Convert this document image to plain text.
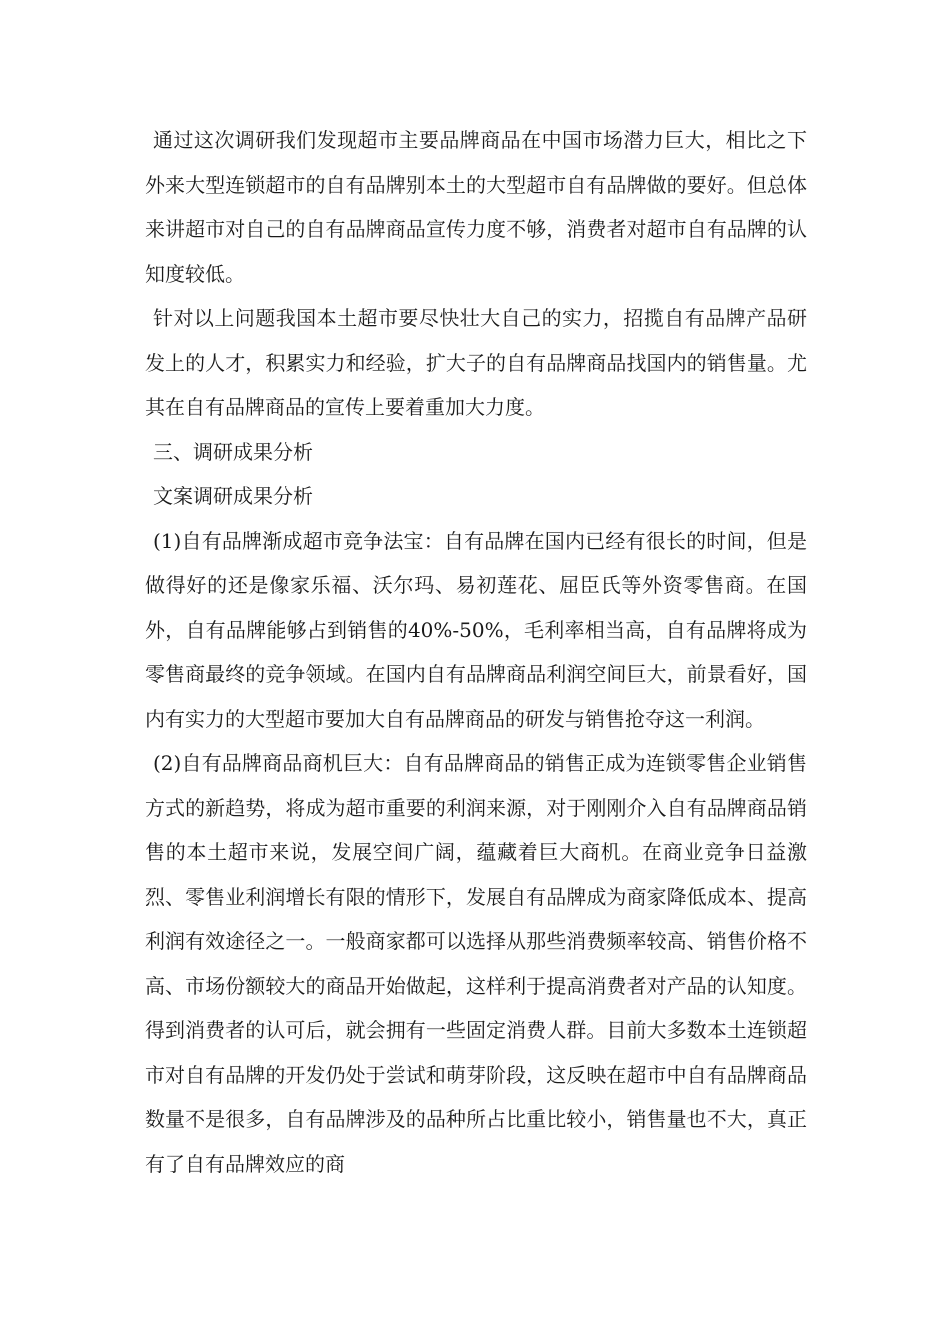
通过这次调研我们发现超市主要品牌商品在中国市场潜力巨大，相比之下外来大型连锁超市的自有品牌别本土的大型超市自有品牌做的要好。但总体来讲超市对自己的自有品牌商品宣传力度不够，消费者对超市自有品牌的认知度较低。

针对以上问题我国本土超市要尽快壮大自己的实力，招揽自有品牌产品研发上的人才，积累实力和经验，扩大子的自有品牌商品找国内的销售量。尤其在自有品牌商品的宣传上要着重加大力度。

三、调研成果分析

文案调研成果分析

(1)自有品牌渐成超市竞争法宝：自有品牌在国内已经有很长的时间，但是做得好的还是像家乐福、沃尔玛、易初莲花、屈臣氏等外资零售商。在国外，自有品牌能够占到销售的40%-50%，毛利率相当高，自有品牌将成为零售商最终的竞争领域。在国内自有品牌商品利润空间巨大，前景看好，国内有实力的大型超市要加大自有品牌商品的研发与销售抢夺这一利润。

(2)自有品牌商品商机巨大：自有品牌商品的销售正成为连锁零售企业销售方式的新趋势，将成为超市重要的利润来源，对于刚刚介入自有品牌商品销售的本土超市来说，发展空间广阔，蕴藏着巨大商机。在商业竞争日益激烈、零售业利润增长有限的情形下，发展自有品牌成为商家降低成本、提高利润有效途径之一。一般商家都可以选择从那些消费频率较高、销售价格不高、市场份额较大的商品开始做起，这样利于提高消费者对产品的认知度。得到消费者的认可后，就会拥有一些固定消费人群。目前大多数本土连锁超市对自有品牌的开发仍处于尝试和萌芽阶段，这反映在超市中自有品牌商品数量不是很多，自有品牌涉及的品种所占比重比较小，销售量也不大，真正有了自有品牌效应的商
